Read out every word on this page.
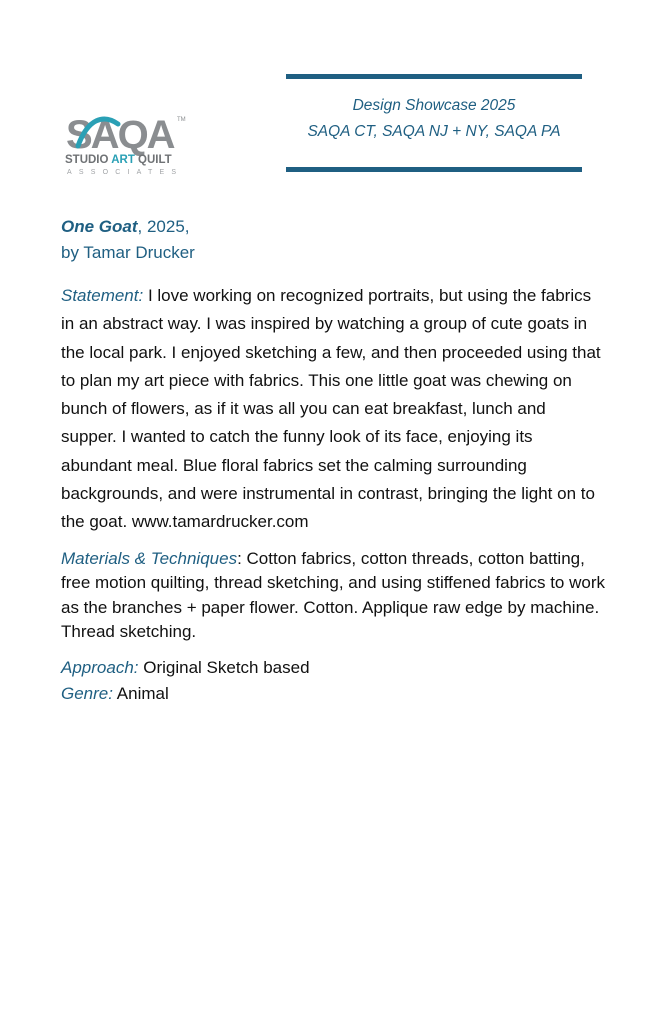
SAQA TM
STUDIO ART QUILT
ASSOCIATES
Design Showcase 2025
SAQA CT, SAQA NJ + NY, SAQA PA
One Goat, 2025,
by Tamar Drucker
Statement: I love working on recognized portraits, but using the fabrics in an abstract way. I was inspired by watching a group of cute goats in the local park. I enjoyed sketching a few, and then proceeded using that to plan my art piece with fabrics. This one little goat was chewing on bunch of flowers, as if it was all you can eat breakfast, lunch and supper. I wanted to catch the funny look of its face, enjoying its abundant meal. Blue floral fabrics set the calming surrounding backgrounds, and were instrumental in contrast, bringing the light on to the goat. www.tamardrucker.com
Materials & Techniques: Cotton fabrics, cotton threads, cotton batting, free motion quilting, thread sketching, and using stiffened fabrics to work as the branches + paper flower. Cotton. Applique raw edge by machine. Thread sketching.
Approach: Original Sketch based
Genre: Animal
